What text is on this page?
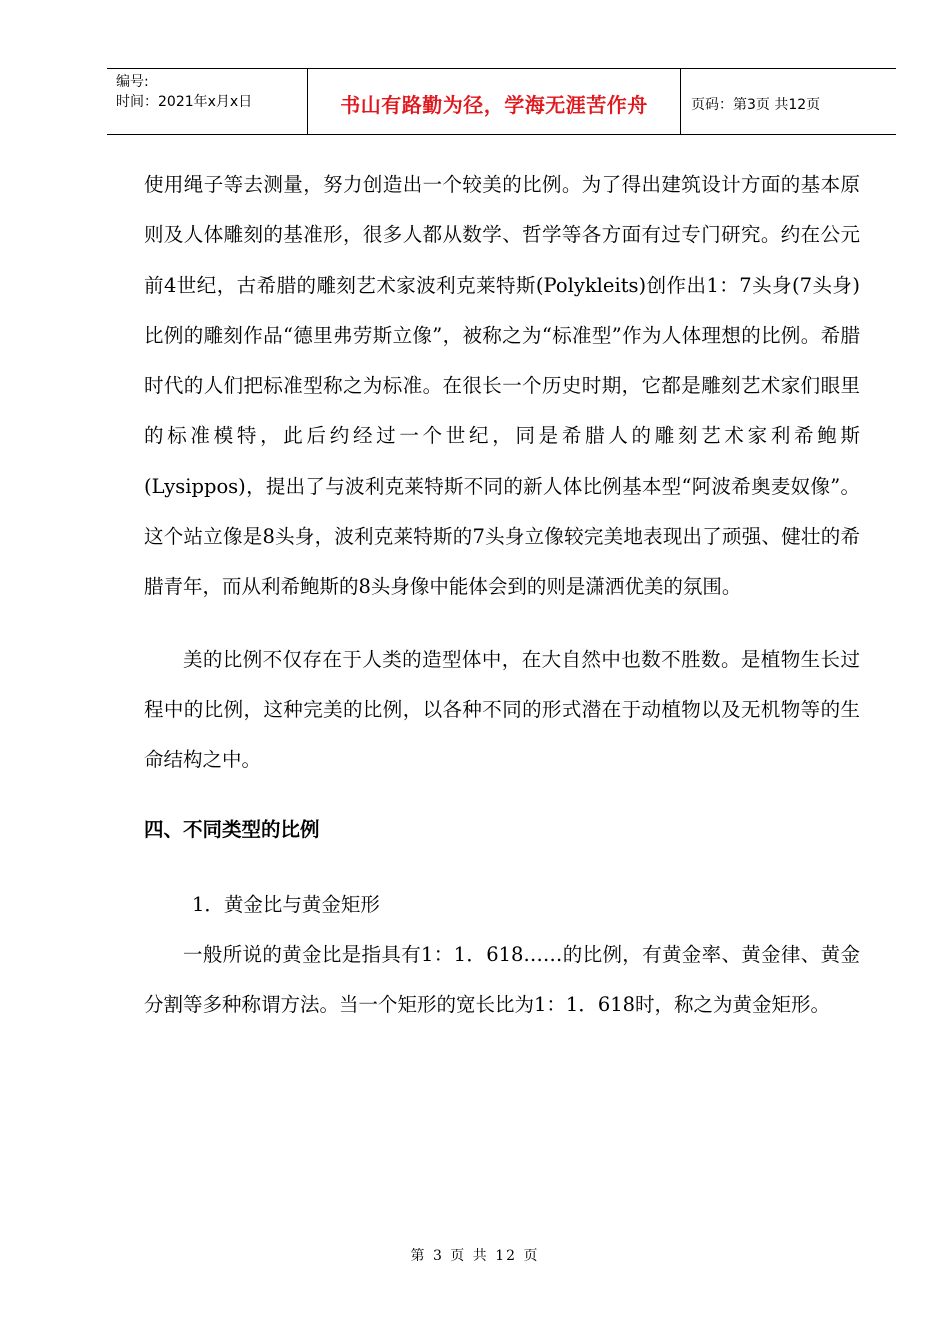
编号:
时间：2021年x月x日	书山有路勤为径，学海无涯苦作舟	页码：第3页 共12页

使用绳子等去测量，努力创造出一个较美的比例。为了得出建筑设计方面的基本原则及人体雕刻的基准形，很多人都从数学、哲学等各方面有过专门研究。约在公元前4世纪，古希腊的雕刻艺术家波利克莱特斯(Polykleits)创作出1：7头身(7头身)比例的雕刻作品“德里弗劳斯立像”，被称之为“标准型”作为人体理想的比例。希腊时代的人们把标准型称之为标准。在很长一个历史时期，它都是雕刻艺术家们眼里的标准模特，此后约经过一个世纪，同是希腊人的雕刻艺术家利希鲍斯(Lysippos)，提出了与波利克莱特斯不同的新人体比例基本型“阿波希奥麦奴像”。这个站立像是8头身，波利克莱特斯的7头身立像较完美地表现出了顽强、健壮的希腊青年，而从利希鲍斯的8头身像中能体会到的则是潇洒优美的氛围。

美的比例不仅存在于人类的造型体中，在大自然中也数不胜数。是植物生长过程中的比例，这种完美的比例，以各种不同的形式潜在于动植物以及无机物等的生命结构之中。

四、不同类型的比例

1．黄金比与黄金矩形

一般所说的黄金比是指具有1：1．618……的比例，有黄金率、黄金律、黄金分割等多种称谓方法。当一个矩形的宽长比为1：1．618时，称之为黄金矩形。

第 3 页 共 12 页
